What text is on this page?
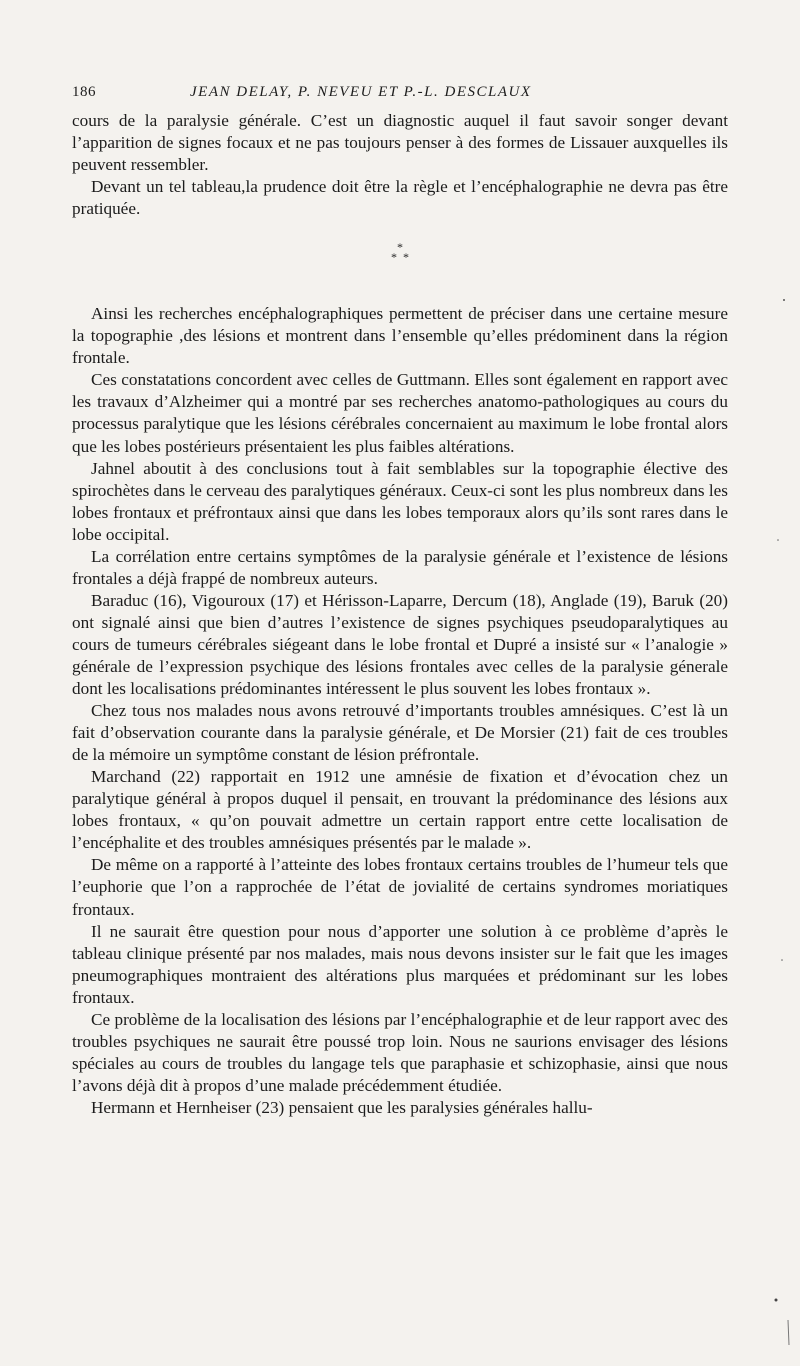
186	JEAN DELAY, P. NEVEU ET P.-L. DESCLAUX

cours de la paralysie générale. C’est un diagnostic auquel il faut savoir songer devant l’apparition de signes focaux et ne pas toujours penser à des formes de Lissauer auxquelles ils peuvent ressembler.

Devant un tel tableau,la prudence doit être la règle et l’encéphalographie ne devra pas être pratiquée.

*
**

Ainsi les recherches encéphalographiques permettent de préciser dans une certaine mesure la topographie ,des lésions et montrent dans l’ensemble qu’elles prédominent dans la région frontale.

Ces constatations concordent avec celles de Guttmann. Elles sont également en rapport avec les travaux d’Alzheimer qui a montré par ses recherches anatomo-pathologiques au cours du processus paralytique que les lésions cérébrales concernaient au maximum le lobe frontal alors que les lobes postérieurs présentaient les plus faibles altérations.

Jahnel aboutit à des conclusions tout à fait semblables sur la topographie élective des spirochètes dans le cerveau des paralytiques généraux. Ceux-ci sont les plus nombreux dans les lobes frontaux et préfrontaux ainsi que dans les lobes temporaux alors qu’ils sont rares dans le lobe occipital.

La corrélation entre certains symptômes de la paralysie générale et l’existence de lésions frontales a déjà frappé de nombreux auteurs.

Baraduc (16), Vigouroux (17) et Hérisson-Laparre, Dercum (18), Anglade (19), Baruk (20) ont signalé ainsi que bien d’autres l’existence de signes psychiques pseudoparalytiques au cours de tumeurs cérébrales siégeant dans le lobe frontal et Dupré a insisté sur « l’analogie » générale de l’expression psychique des lésions frontales avec celles de la paralysie génerale dont les localisations prédominantes intéressent le plus souvent les lobes frontaux ».

Chez tous nos malades nous avons retrouvé d’importants troubles amnésiques. C’est là un fait d’observation courante dans la paralysie générale, et De Morsier (21) fait de ces troubles de la mémoire un symptôme constant de lésion préfrontale.

Marchand (22) rapportait en 1912 une amnésie de fixation et d’évocation chez un paralytique général à propos duquel il pensait, en trouvant la prédominance des lésions aux lobes frontaux, « qu’on pouvait admettre un certain rapport entre cette localisation de l’encéphalite et des troubles amnésiques présentés par le malade ».

De même on a rapporté à l’atteinte des lobes frontaux certains troubles de l’humeur tels que l’euphorie que l’on a rapprochée de l’état de jovialité de certains syndromes moriatiques frontaux.

Il ne saurait être question pour nous d’apporter une solution à ce problème d’après le tableau clinique présenté par nos malades, mais nous devons insister sur le fait que les images pneumographiques montraient des altérations plus marquées et prédominant sur les lobes frontaux.

Ce problème de la localisation des lésions par l’encéphalographie et de leur rapport avec des troubles psychiques ne saurait être poussé trop loin. Nous ne saurions envisager des lésions spéciales au cours de troubles du langage tels que paraphasie et schizophasie, ainsi que nous l’avons déjà dit à propos d’une malade précédemment étudiée.

Hermann et Hernheiser (23) pensaient que les paralysies générales hallu-
